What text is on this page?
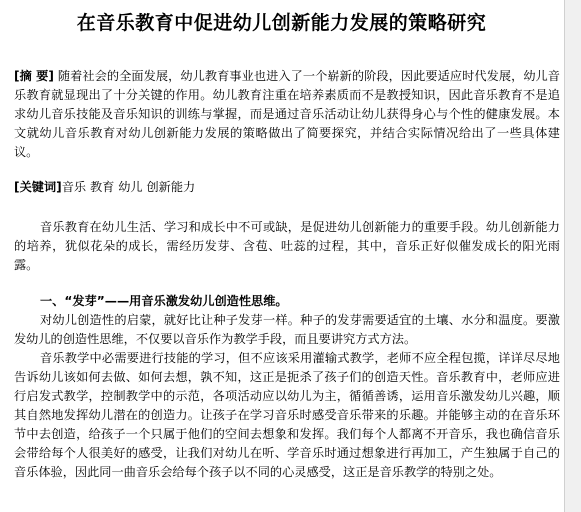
在音乐教育中促进幼儿创新能力发展的策略研究

[摘 要] 随着社会的全面发展，幼儿教育事业也进入了一个崭新的阶段，因此要适应时代发展，幼儿音乐教育就显现出了十分关键的作用。幼儿教育注重在培养素质而不是教授知识，因此音乐教育不是追求幼儿音乐技能及音乐知识的训练与掌握，而是通过音乐活动让幼儿获得身心与个性的健康发展。本文就幼儿音乐教育对幼儿创新能力发展的策略做出了简要探究，并结合实际情况给出了一些具体建议。

[关键词]音乐 教育 幼儿 创新能力

音乐教育在幼儿生活、学习和成长中不可或缺，是促进幼儿创新能力的重要手段。幼儿创新能力的培养，犹似花朵的成长，需经历发芽、含苞、吐蕊的过程，其中，音乐正好似催发成长的阳光雨露。

一、“发芽”——用音乐激发幼儿创造性思维。

对幼儿创造性的启蒙，就好比让种子发芽一样。种子的发芽需要适宜的土壤、水分和温度。要激发幼儿的创造性思维，不仅要以音乐作为教学手段，而且要讲究方式方法。

音乐教学中必需要进行技能的学习，但不应该采用灌输式教学，老师不应全程包揽，详详尽尽地告诉幼儿该如何去做、如何去想，孰不知，这正是扼杀了孩子们的创造天性。音乐教育中，老师应进行启发式教学，控制教学中的示范，各项活动应以幼儿为主，循循善诱，运用音乐激发幼儿兴趣，顺其自然地发挥幼儿潜在的创造力。让孩子在学习音乐时感受音乐带来的乐趣。并能够主动的在音乐环节中去创造，给孩子一个只属于他们的空间去想象和发挥。我们每个人都离不开音乐，我也确信音乐会带给每个人很美好的感受，让我们对幼儿在听、学音乐时通过想象进行再加工，产生独属于自己的音乐体验，因此同一曲音乐会给每个孩子以不同的心灵感受，这正是音乐教学的特别之处。
